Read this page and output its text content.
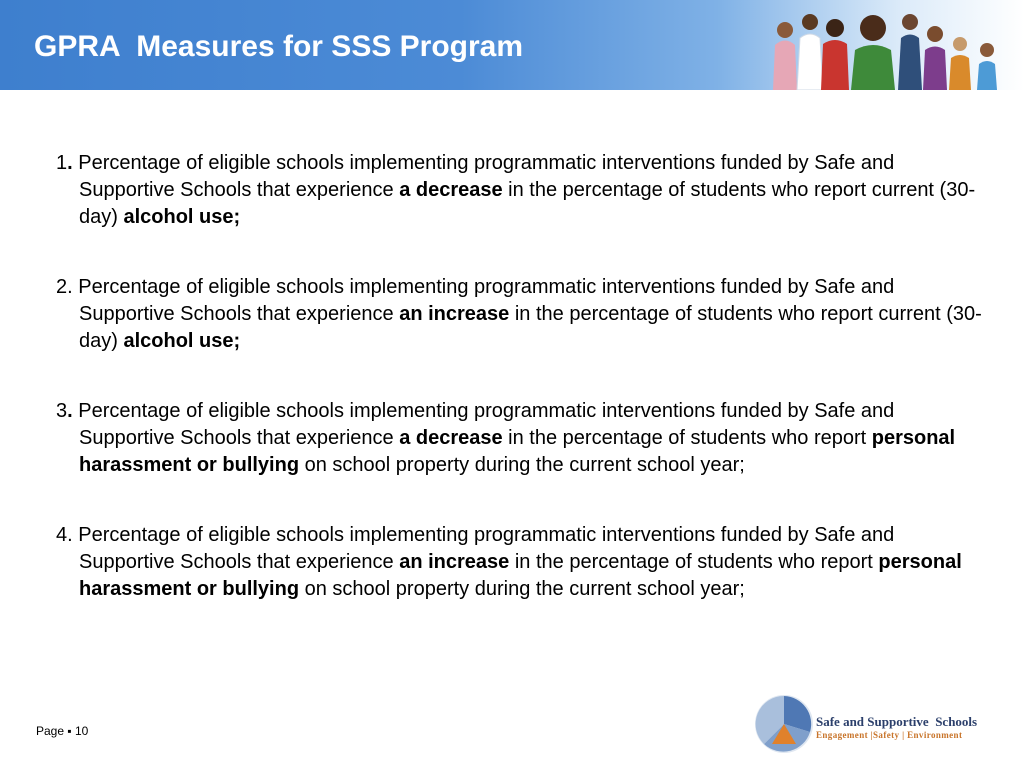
GPRA  Measures for SSS Program

1. Percentage of eligible schools implementing programmatic interventions funded by Safe and Supportive Schools that experience a decrease in the percentage of students who report current (30-day) alcohol use;

2. Percentage of eligible schools implementing programmatic interventions funded by Safe and Supportive Schools that experience an increase in the percentage of students who report current (30-day) alcohol use;

3. Percentage of eligible schools implementing programmatic interventions funded by Safe and Supportive Schools that experience a decrease in the percentage of students who report personal harassment or bullying on school property during the current school year;

4. Percentage of eligible schools implementing programmatic interventions funded by Safe and Supportive Schools that experience an increase in the percentage of students who report personal harassment or bullying on school property during the current school year;

Page ▪ 10
Safe and Supportive  Schools
Engagement |Safety | Environment
